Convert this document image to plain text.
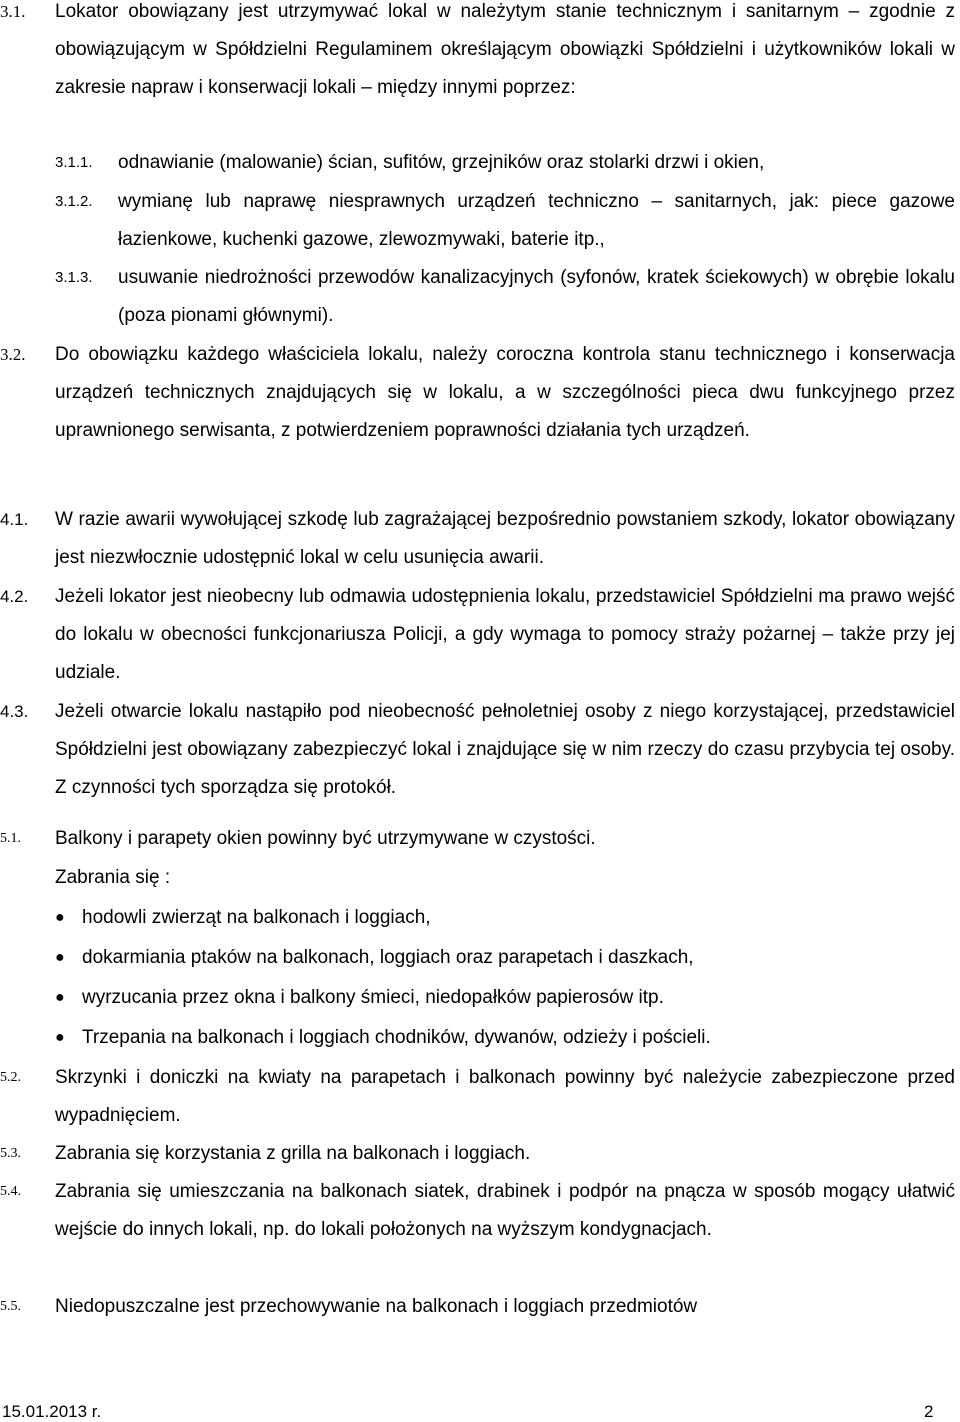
3.1. Lokator obowiązany jest utrzymywać lokal w należytym stanie technicznym i sanitarnym – zgodnie z obowiązującym w Spółdzielni Regulaminem określającym obowiązki Spółdzielni i użytkowników lokali w zakresie napraw i konserwacji lokali – między innymi poprzez:
3.1.1. odnawianie (malowanie) ścian, sufitów, grzejników oraz stolarki drzwi i okien,
3.1.2. wymianę lub naprawę niesprawnych urządzeń techniczno – sanitarnych, jak: piece gazowe łazienkowe, kuchenki gazowe, zlewozmywaki, baterie itp.,
3.1.3. usuwanie niedrożności przewodów kanalizacyjnych (syfonów, kratek ściekowych) w obrębie lokalu (poza pionami głównymi).
3.2. Do obowiązku każdego właściciela lokalu, należy coroczna kontrola stanu technicznego i konserwacja urządzeń technicznych znajdujących się w lokalu, a w szczególności pieca dwu funkcyjnego przez uprawnionego serwisanta, z potwierdzeniem poprawności działania tych urządzeń.
4.1. W razie awarii wywołującej szkodę lub zagrażającej bezpośrednio powstaniem szkody, lokator obowiązany jest niezwłocznie udostępnić lokal w celu usunięcia awarii.
4.2. Jeżeli lokator jest nieobecny lub odmawia udostępnienia lokalu, przedstawiciel Spółdzielni ma prawo wejść do lokalu w obecności funkcjonariusza Policji, a gdy wymaga to pomocy straży pożarnej – także przy jej udziale.
4.3. Jeżeli otwarcie lokalu nastąpiło pod nieobecność pełnoletniej osoby z niego korzystającej, przedstawiciel Spółdzielni jest obowiązany zabezpieczyć lokal i znajdujące się w nim rzeczy do czasu przybycia tej osoby. Z czynności tych sporządza się protokół.
5.1. Balkony i parapety okien powinny być utrzymywane w czystości.
Zabrania się :
● hodowli zwierząt na balkonach i loggiach,
● dokarmiania ptaków na balkonach, loggiach oraz parapetach i daszkach,
● wyrzucania przez okna i balkony śmieci, niedopałków papierosów itp.
● Trzepania na balkonach i loggiach chodników, dywanów, odzieży i pościeli.
5.2. Skrzynki i doniczki na kwiaty na parapetach i balkonach powinny być należycie zabezpieczone przed wypadnięciem.
5.3. Zabrania się korzystania z grilla na balkonach i loggiach.
5.4. Zabrania się umieszczania na balkonach siatek, drabinek i podpór na pnącza w sposób mogący ułatwić wejście do innych lokali, np. do lokali położonych na wyższym kondygnacjach.
5.5. Niedopuszczalne jest przechowywanie na balkonach i loggiach przedmiotów
15.01.2013 r.	2
